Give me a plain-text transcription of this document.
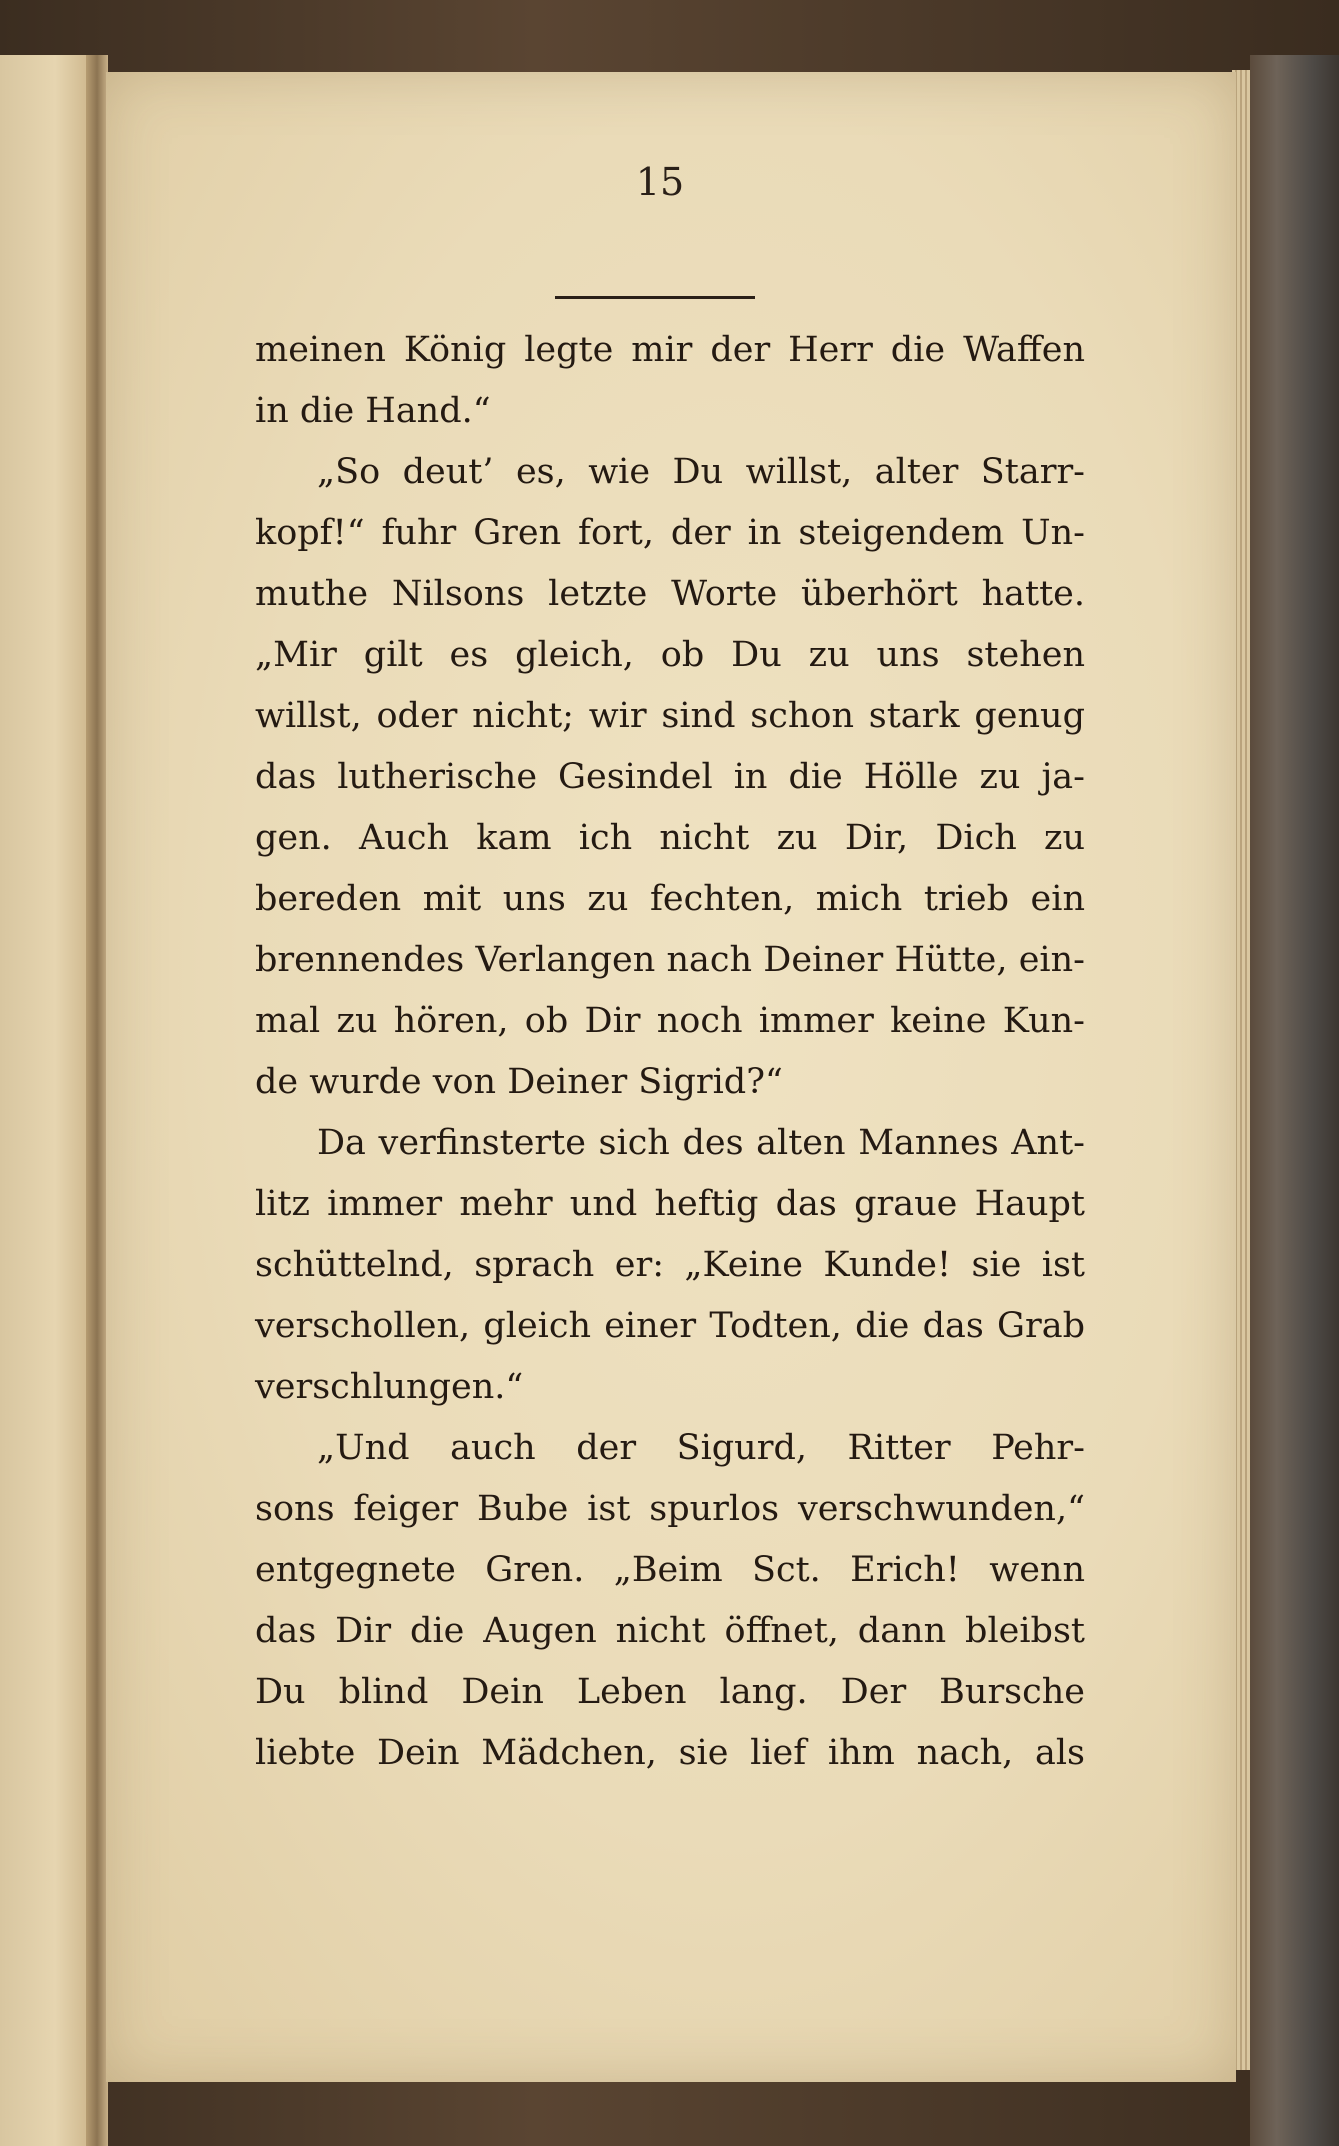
15
meinen König legte mir der Herr die Waffen
in die Hand.“
„So deut’ es, wie Du willst, alter Starr-
kopf!“ fuhr Gren fort, der in steigendem Un-
muthe Nilsons letzte Worte überhört hatte.
„Mir gilt es gleich, ob Du zu uns stehen
willst, oder nicht; wir sind schon stark genug
das lutherische Gesindel in die Hölle zu ja-
gen. Auch kam ich nicht zu Dir, Dich zu
bereden mit uns zu fechten, mich trieb ein
brennendes Verlangen nach Deiner Hütte, ein-
mal zu hören, ob Dir noch immer keine Kun-
de wurde von Deiner Sigrid?“
Da verfinsterte sich des alten Mannes Ant-
litz immer mehr und heftig das graue Haupt
schüttelnd, sprach er: „Keine Kunde! sie ist
verschollen, gleich einer Todten, die das Grab
verschlungen.“
„Und auch der Sigurd, Ritter Pehr-
sons feiger Bube ist spurlos verschwunden,“
entgegnete Gren. „Beim Sct. Erich! wenn
das Dir die Augen nicht öffnet, dann bleibst
Du blind Dein Leben lang. Der Bursche
liebte Dein Mädchen, sie lief ihm nach, als
